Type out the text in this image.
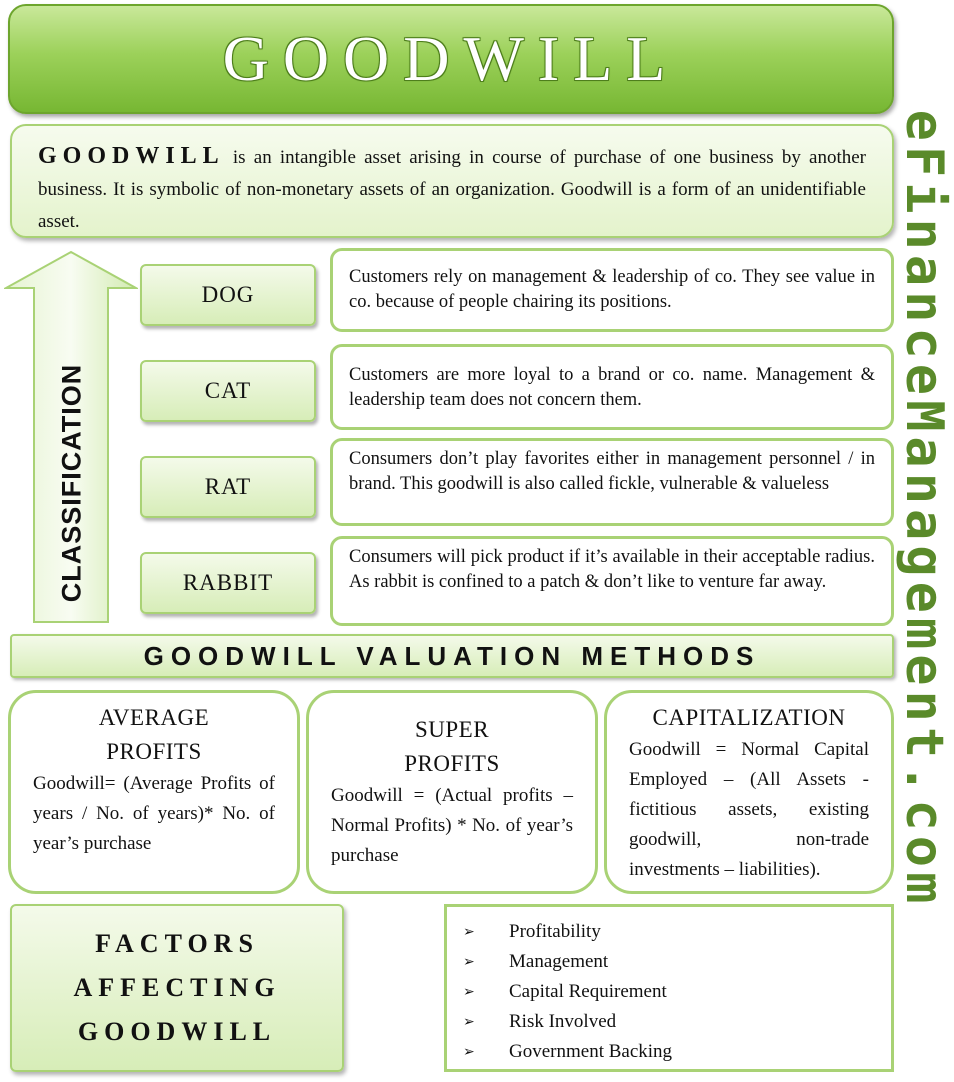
GOODWILL
eFinanceManagement.com
GOODWILL is an intangible asset arising in course of purchase of one business by another business. It is symbolic of non-monetary assets of an organization. Goodwill is a form of an unidentifiable asset.
CLASSIFICATION
DOG
CAT
RAT
RABBIT
Customers rely on management & leadership of co. They see value in co. because of people chairing its positions.
Customers are more loyal to a brand or co. name. Management & leadership team does not concern them.
Consumers don’t play favorites either in management personnel / in brand. This goodwill is also called fickle, vulnerable & valueless
Consumers will pick product if it’s available in their acceptable radius. As rabbit is confined to a patch & don’t like to venture far away.
GOODWILL VALUATION METHODS
AVERAGE PROFITS
Goodwill= (Average Profits of years / No. of years)* No. of year’s purchase
SUPER PROFITS
Goodwill = (Actual profits – Normal Profits) * No. of year’s purchase
CAPITALIZATION
Goodwill = Normal Capital Employed – (All Assets -fictitious assets, existing goodwill, non-trade investments – liabilities).
FACTORS AFFECTING GOODWILL
➢	Profitability
➢	Management
➢	Capital Requirement
➢	Risk Involved
➢	Government Backing
